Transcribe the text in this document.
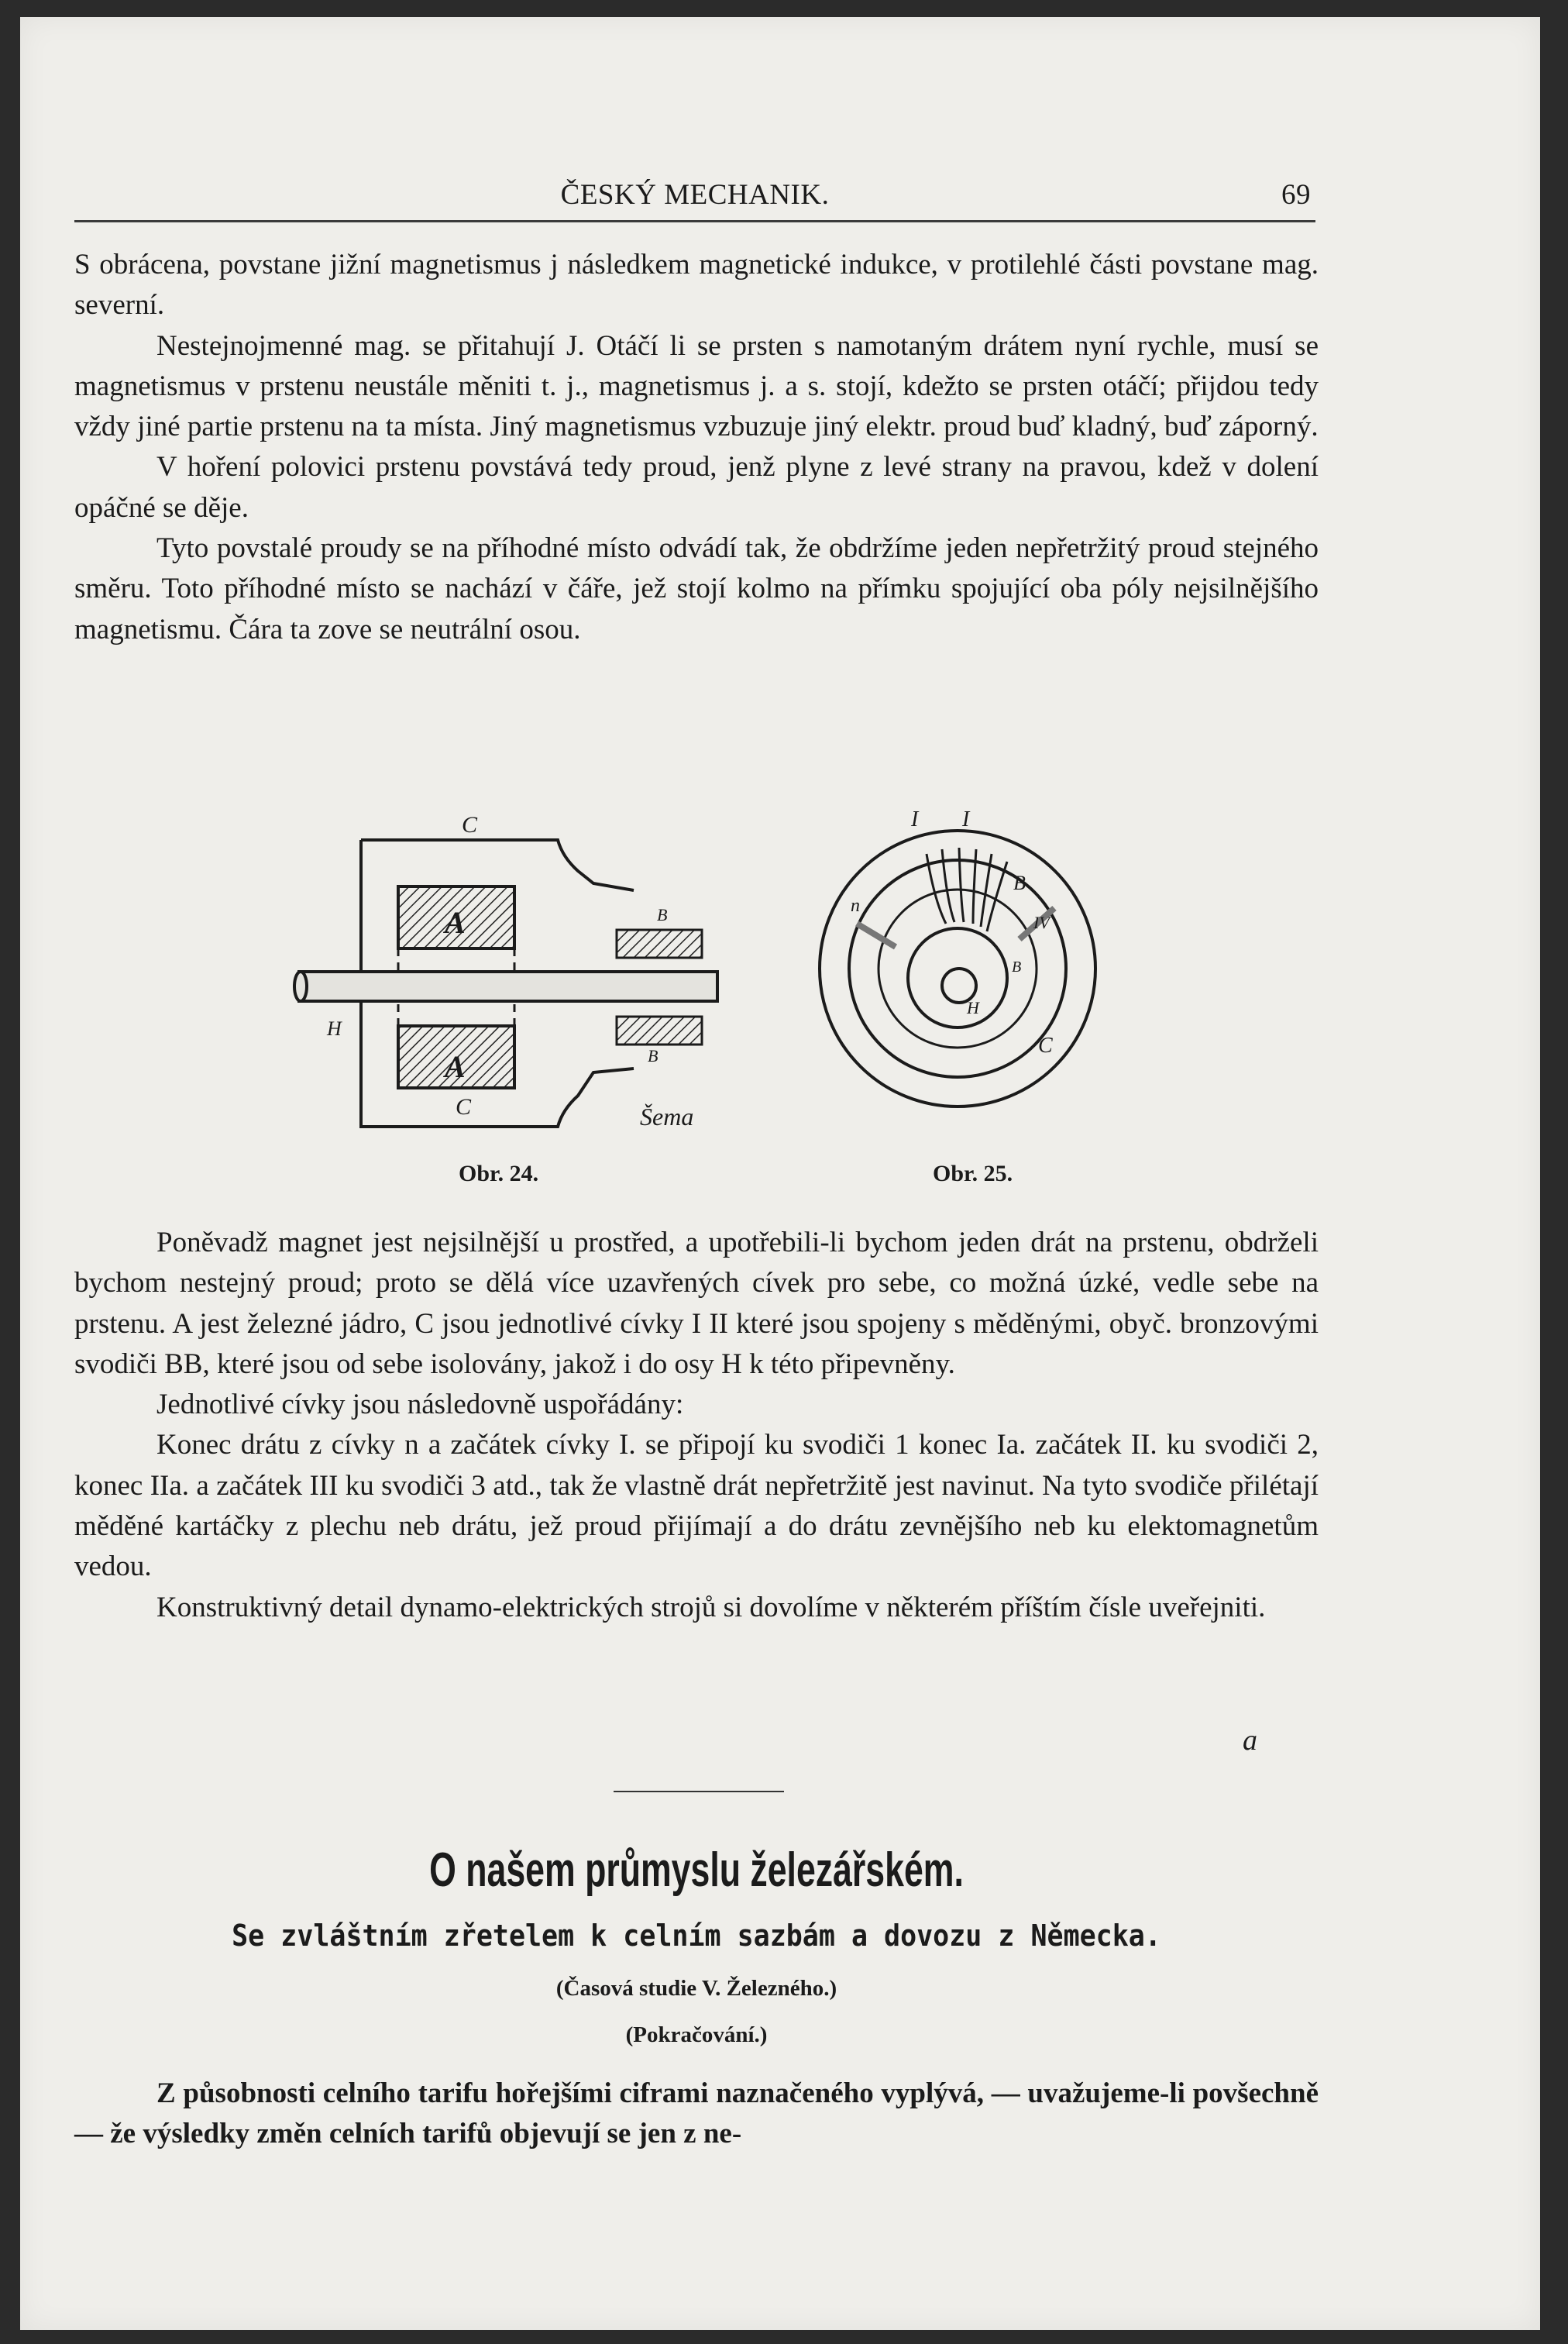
ČESKÝ MECHANIK.	69

S obrácena, povstane jižní magnetismus j následkem magnetické indukce, v protilehlé části povstane mag. severní.

Nestejnojmenné mag. se přitahují J. Otáčí li se prsten s namotaným drátem nyní rychle, musí se magnetismus v prstenu neustále měniti t. j., magnetismus j. a s. stojí, kdežto se prsten otáčí; přijdou tedy vždy jiné partie prstenu na ta místa. Jiný magnetismus vzbuzuje jiný elektr. proud buď kladný, buď záporný.

V hoření polovici prstenu povstává tedy proud, jenž plyne z levé strany na pravou, kdež v dolení opáčné se děje.

Tyto povstalé proudy se na příhodné místo odvádí tak, že obdržíme jeden nepřetržitý proud stejného směru. Toto příhodné místo se nachází v čáře, jež stojí kolmo na přímku spojující oba póly nejsilnějšího magnetismu. Čára ta zove se neutrální osou.

C
A	B
H
A	B
C	Šema
Obr. 24.
I I
B
IV
n
H
C
B
Obr. 25.

Poněvadž magnet jest nejsilnější u prostřed, a upotřebili-li bychom jeden drát na prstenu, obdrželi bychom nestejný proud; proto se dělá více uzavřených cívek pro sebe, co možná úzké, vedle sebe na prstenu. A jest železné jádro, C jsou jednotlivé cívky I II které jsou spojeny s měděnými, obyč. bronzovými svodiči BB, které jsou od sebe isolovány, jakož i do osy H k této připevněny.

Jednotlivé cívky jsou následovně uspořádány:

Konec drátu z cívky n a začátek cívky I. se připojí ku svodiči 1 konec Ia. začátek II. ku svodiči 2, konec IIa. a začátek III ku svodiči 3 atd., tak že vlastně drát nepřetržitě jest navinut. Na tyto svodiče přilétají měděné kartáčky z plechu neb drátu, jež proud přijímají a do drátu zevnějšího neb ku elektomagnetům vedou.

Konstruktivný detail dynamo-elektrických strojů si dovolíme v některém příštím čísle uveřejniti.

a
O našem průmyslu železářském.
Se zvláštním zřetelem k celním sazbám a dovozu z Německa.
(Časová studie V. Železného.)
(Pokračování.)

Z působnosti celního tarifu hořejšími ciframi naznačeného vyplývá, — uvažujeme-li povšechně — že výsledky změn celních tarifů objevují se jen z ne-
